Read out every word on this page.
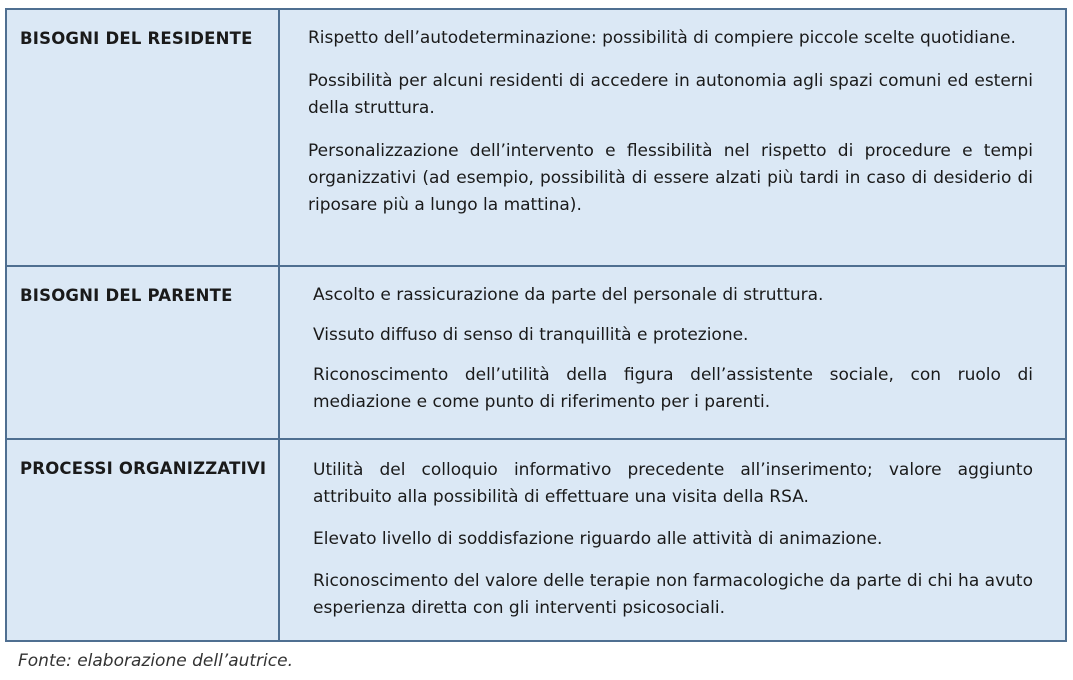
BISOGNI DEL RESIDENTE	Rispetto dell’autodeterminazione: possibilità di compiere piccole scelte quotidiane.

Possibilità per alcuni residenti di accedere in autonomia agli spazi comuni ed esterni della struttura.

Personalizzazione dell’intervento e flessibilità nel rispetto di procedure e tempi organizzativi (ad esempio, possibilità di essere alzati più tardi in caso di desiderio di riposare più a lungo la mattina).

BISOGNI DEL PARENTE	Ascolto e rassicurazione da parte del personale di struttura.

Vissuto diffuso di senso di tranquillità e protezione.

Riconoscimento dell’utilità della figura dell’assistente sociale, con ruolo di mediazione e come punto di riferimento per i parenti.

PROCESSI ORGANIZZATIVI	Utilità del colloquio informativo precedente all’inserimento; valore aggiunto attribuito alla possibilità di effettuare una visita della RSA.

Elevato livello di soddisfazione riguardo alle attività di animazione.

Riconoscimento del valore delle terapie non farmacologiche da parte di chi ha avuto esperienza diretta con gli interventi psicosociali.

Fonte: elaborazione dell’autrice.
